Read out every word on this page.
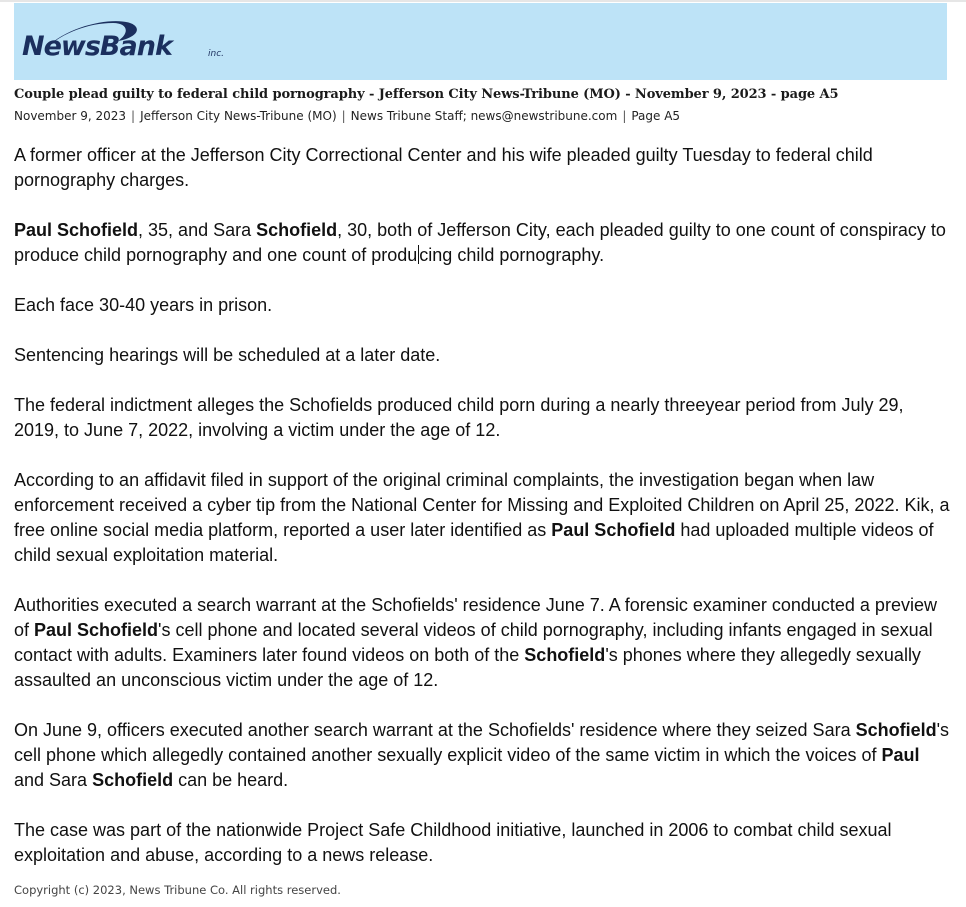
NewsBank	inc.
Couple plead guilty to federal child pornography - Jefferson City News-Tribune (MO) - November 9, 2023 - page A5
November 9, 2023 | Jefferson City News-Tribune (MO) | News Tribune Staff; news@newstribune.com | Page A5

A former officer at the Jefferson City Correctional Center and his wife pleaded guilty Tuesday to federal child pornography charges.

Paul Schofield, 35, and Sara Schofield, 30, both of Jefferson City, each pleaded guilty to one count of conspiracy to produce child pornography and one count of produ cing child pornography.

Each face 30-40 years in prison.

Sentencing hearings will be scheduled at a later date.

The federal indictment alleges the Schofields produced child porn during a nearly threeyear period from July 29, 2019, to June 7, 2022, involving a victim under the age of 12.

According to an affidavit filed in support of the original criminal complaints, the investigation began when law enforcement received a cyber tip from the National Center for Missing and Exploited Children on April 25, 2022. Kik, a free online social media platform, reported a user later identified as Paul Schofield had uploaded multiple videos of child sexual exploitation material.

Authorities executed a search warrant at the Schofields' residence June 7. A forensic examiner conducted a preview of Paul Schofield's cell phone and located several videos of child pornography, including infants engaged in sexual contact with adults. Examiners later found videos on both of the Schofield's phones where they allegedly sexually assaulted an unconscious victim under the age of 12.

On June 9, officers executed another search warrant at the Schofields' residence where they seized Sara Schofield's cell phone which allegedly contained another sexually explicit video of the same victim in which the voices of Paul and Sara Schofield can be heard.

The case was part of the nationwide Project Safe Childhood initiative, launched in 2006 to combat child sexual exploitation and abuse, according to a news release.

Copyright (c) 2023, News Tribune Co. All rights reserved.
